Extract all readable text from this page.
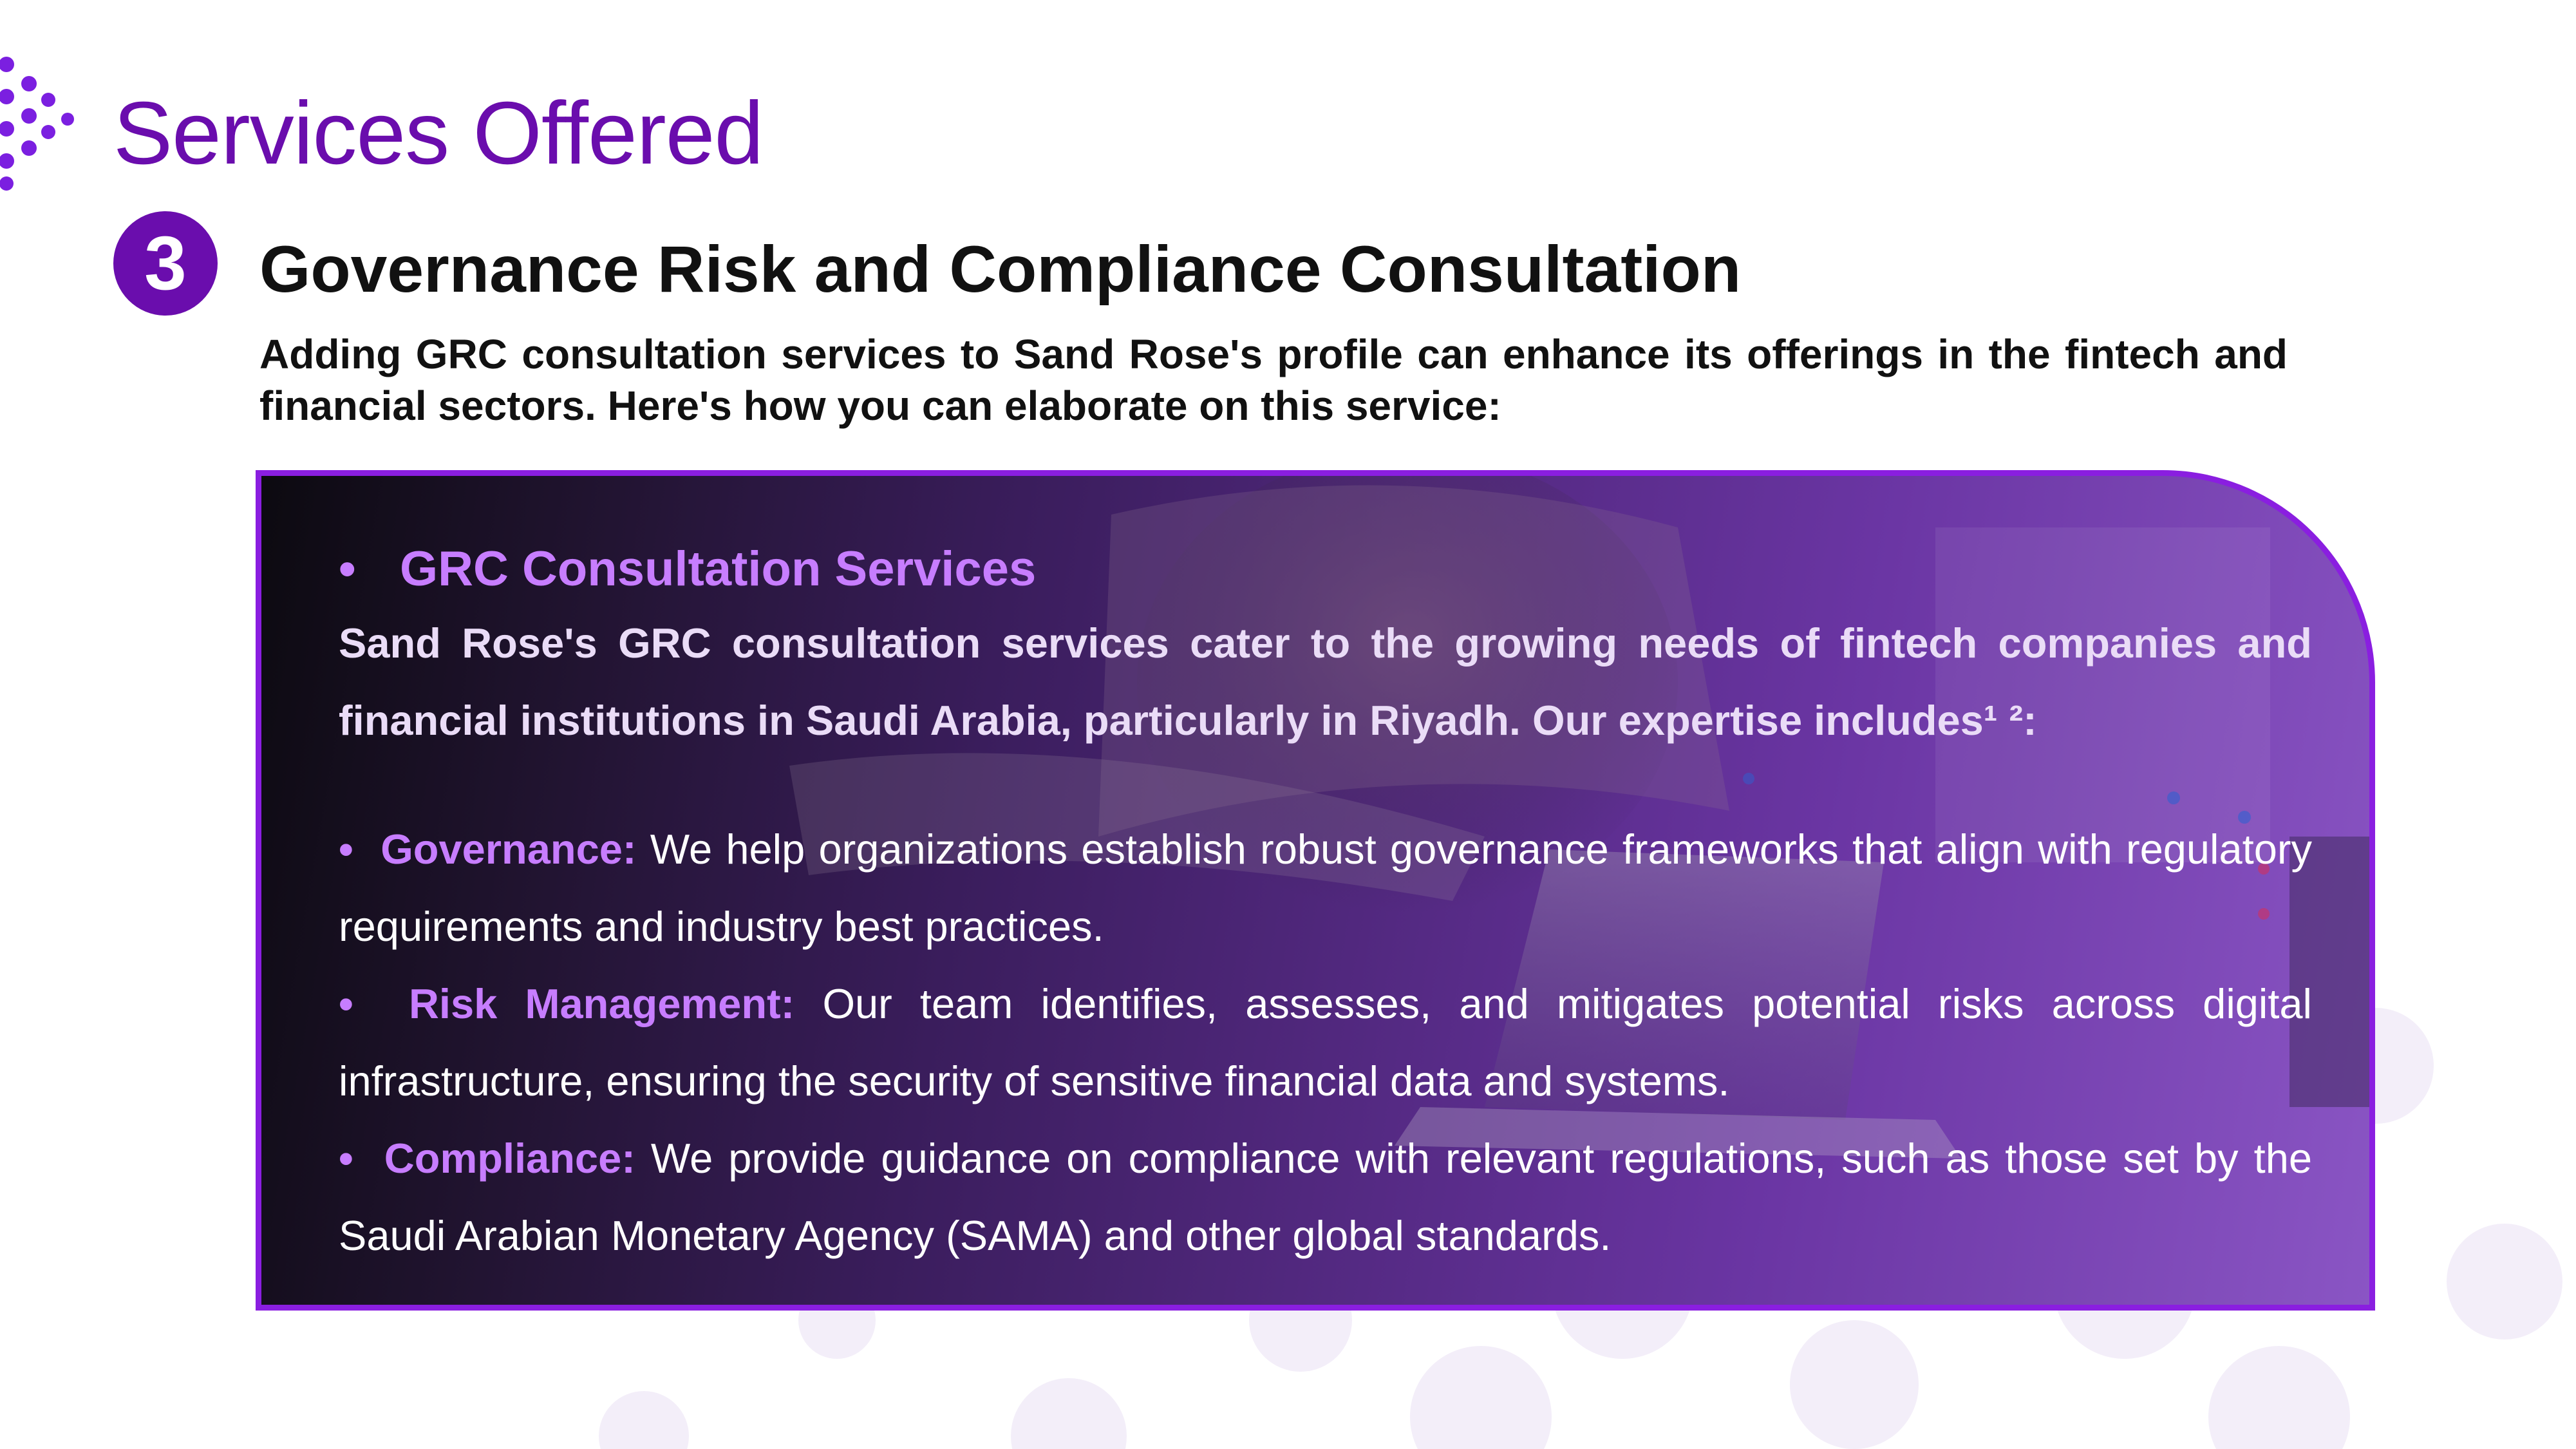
Services Offered
3	Governance Risk and Compliance Consultation
Adding GRC consultation services to Sand Rose's profile can enhance its offerings in the fintech and financial sectors. Here's how you can elaborate on this service:
• GRC Consultation Services
Sand Rose's GRC consultation services cater to the growing needs of fintech companies and financial institutions in Saudi Arabia, particularly in Riyadh. Our expertise includes¹ ²:
• Governance: We help organizations establish robust governance frameworks that align with regulatory requirements and industry best practices.
• Risk Management: Our team identifies, assesses, and mitigates potential risks across digital infrastructure, ensuring the security of sensitive financial data and systems.
• Compliance: We provide guidance on compliance with relevant regulations, such as those set by the Saudi Arabian Monetary Agency (SAMA) and other global standards.
